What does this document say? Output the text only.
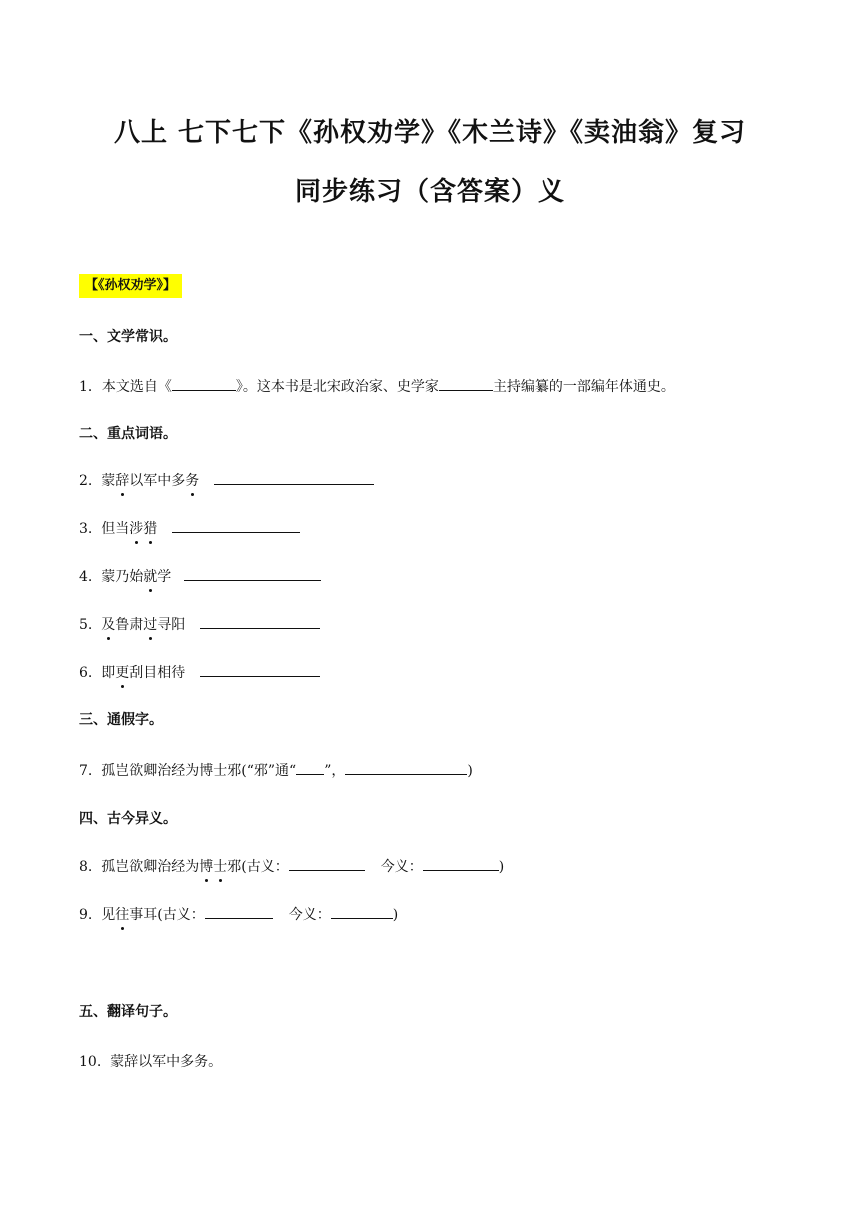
八上 七下七下《孙权劝学》《木兰诗》《卖油翁》复习
同步练习（含答案）义
【《孙权劝学》】

一、文学常识。

1．本文选自《	》。这本书是北宋政治家、史学家	主持编纂的一部编年体通史。

二、重点词语。

2. 蒙辞以军中多务
3. 但当涉猎
4. 蒙乃始就学
5. 及鲁肃过寻阳
6. 即更刮目相待

三、通假字。

7. 孤岂欲卿治经为博士邪(“邪”通“ ”，	)

四、古今异义。

8. 孤岂欲卿治经为博士邪(古义：	今义：	)
9. 见往事耳(古义：	今义：	)

五、翻译句子。

10. 蒙辞以军中多务。
